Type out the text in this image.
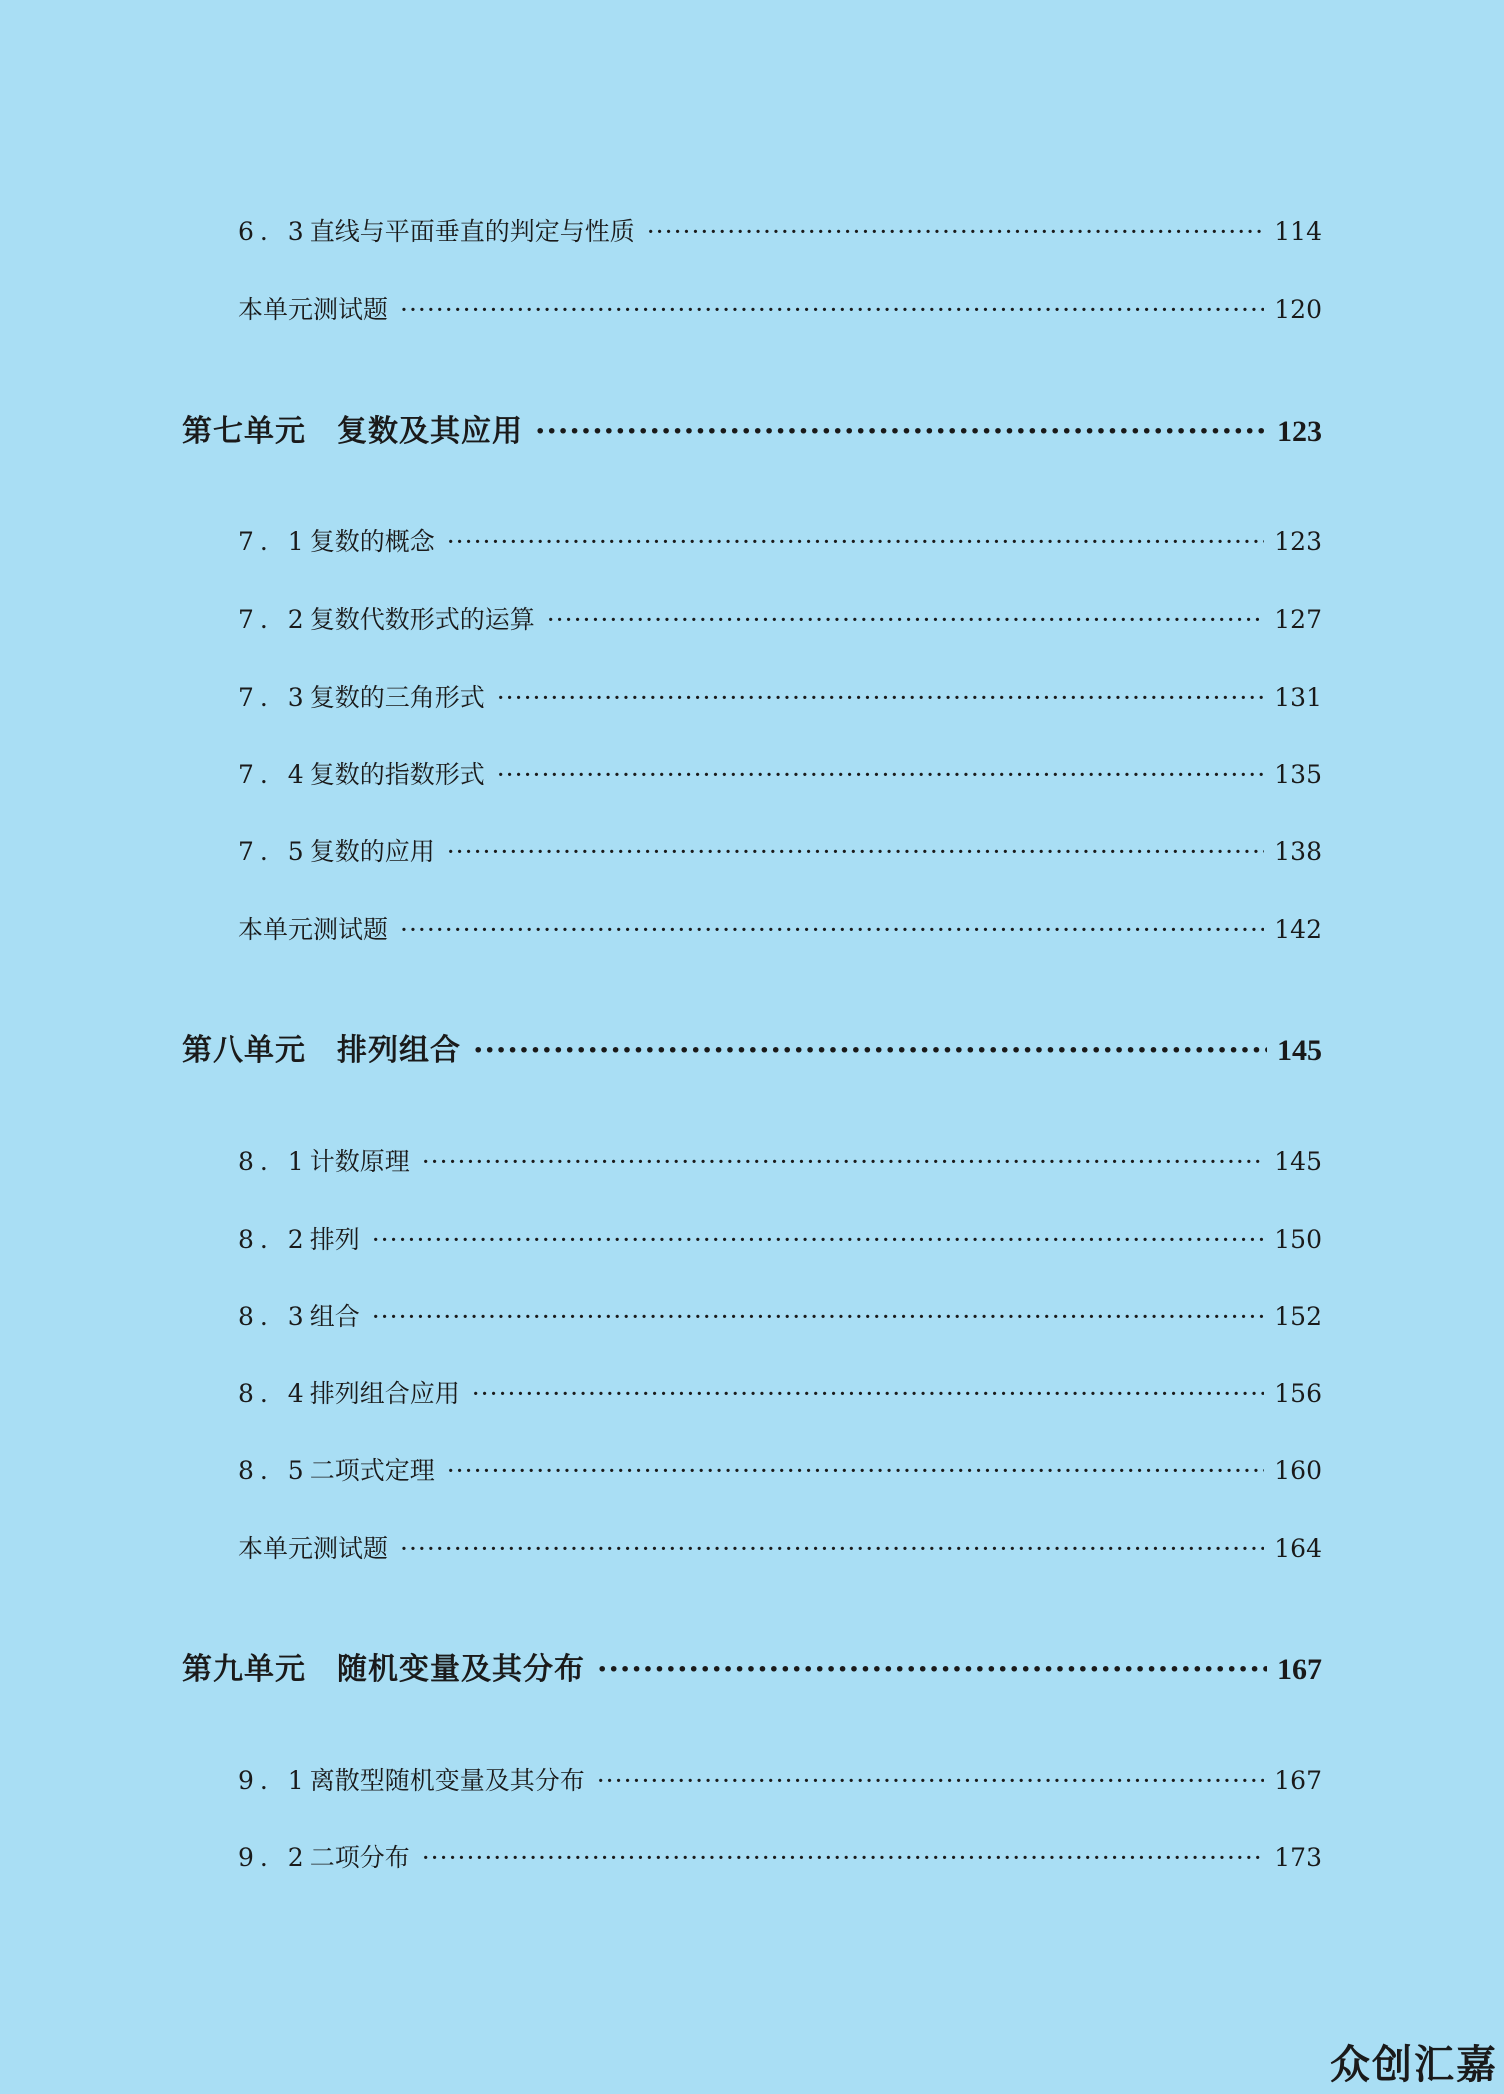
6. 3 直线与平面垂直的判定与性质 ·····	114
本单元测试题 ·····	120
第七单元　复数及其应用 ·····	123
7. 1 复数的概念 ·····	123
7. 2 复数代数形式的运算 ·····	127
7. 3 复数的三角形式 ·····	131
7. 4 复数的指数形式 ·····	135
7. 5 复数的应用 ·····	138
本单元测试题 ·····	142
第八单元　排列组合 ·····	145
8. 1 计数原理 ·····	145
8. 2 排列 ·····	150
8. 3 组合 ·····	152
8. 4 排列组合应用 ·····	156
8. 5 二项式定理 ·····	160
本单元测试题 ·····	164
第九单元　随机变量及其分布 ·····	167
9. 1 离散型随机变量及其分布 ·····	167
9. 2 二项分布 ·····	173
众创汇嘉
